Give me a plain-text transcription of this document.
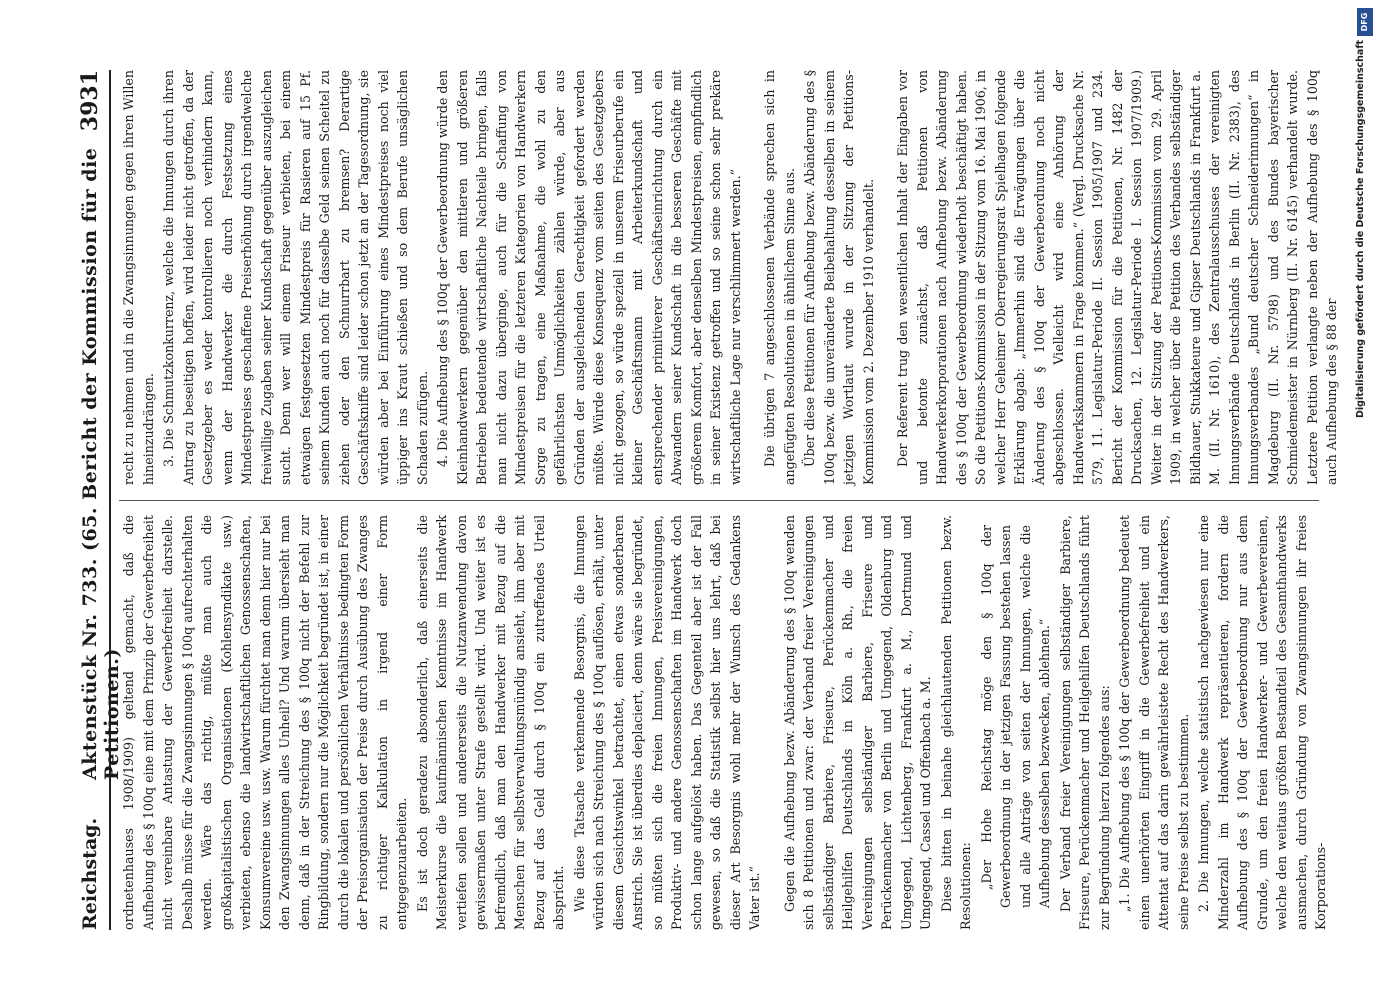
Reichstag.
Aktenstück Nr. 733. (65. Bericht der Kommission für die Petitionen.)
3931

ordnetenhauses 1908/1909) geltend gemacht, daß die Aufhebung des § 100q eine mit dem Prinzip der Gewerbefreiheit nicht vereinbare Antastung der Gewerbefreiheit darstelle. Deshalb müsse für die Zwangsinnungen § 100q aufrechterhalten werden. Wäre das richtig, müßte man auch die großkapitalistischen Organisationen (Kohlensyndikate usw.) verbieten, ebenso die landwirtschaftlichen Genossenschaften, Konsumvereine usw. usw. Warum fürchtet man denn hier nur bei den Zwangsinnungen alles Unheil? Und warum übersieht man denn, daß in der Streichung des § 100q nicht der Befehl zur Ringbildung, sondern nur die Möglichkeit begründet ist, in einer durch die lokalen und persönlichen Verhältnisse bedingten Form der Preisorganisation der Preise durch Ausübung des Zwanges zu richtiger Kalkulation in irgend einer Form entgegenzuarbeiten. Es ist doch geradezu absonderlich, daß einerseits die Meisterkurse die kaufmännischen Kenntnisse im Handwerk vertiefen sollen und andererseits die Nutzanwendung davon gewissermaßen unter Strafe gestellt wird. Und weiter ist es befremdlich, daß man den Handwerker mit Bezug auf die Menschen für selbstverwaltungsmündig ansieht, ihm aber mit Bezug auf das Geld durch § 100q ein zutreffendes Urteil abspricht. Wie diese Tatsache verkennende Besorgnis, die Innungen würden sich nach Streichung des § 100q auflösen, erhält, unter diesem Gesichtswinkel betrachtet, einen etwas sonderbaren Anstrich. Sie ist überdies deplaciert, denn wäre sie begründet, so müßten sich die freien Innungen, Preisvereinigungen, Produktiv- und andere Genossenschaften im Handwerk doch schon lange aufgelöst haben. Das Gegenteil aber ist der Fall gewesen, so daß die Statistik selbst hier uns lehrt, daß bei dieser Art Besorgnis wohl mehr der Wunsch des Gedankens Vater ist.“ Gegen die Aufhebung bezw. Abänderung des § 100q wenden sich 8 Petitionen und zwar: der Verband freier Vereinigungen selbständiger Barbiere, Friseure, Perückenmacher und Heilgehilfen Deutschlands in Köln a. Rh., die freien Vereinigungen selbständiger Barbiere, Friseure und Perückenmacher von Berlin und Umgegend, Oldenburg und Umgegend, Lichtenberg, Frankfurt a. M., Dortmund und Umgegend, Cassel und Offenbach a. M. Diese bitten in beinahe gleichlautenden Petitionen bezw. Resolutionen: „Der Hohe Reichstag möge den § 100q der Gewerbeordnung in der jetzigen Fassung bestehen lassen und alle Anträge von seiten der Innungen, welche die Aufhebung desselben bezwecken, ablehnen.“ Der Verband freier Vereinigungen selbständiger Barbiere, Friseure, Perückenmacher und Heilgehilfen Deutschlands führt zur Begründung hierzu folgendes aus: „1. Die Aufhebung des § 100q der Gewerbeordnung bedeutet einen unerhörten Eingriff in die Gewerbefreiheit und ein Attentat auf das darin gewährleistete Recht des Handwerkers, seine Preise selbst zu bestimmen. 2. Die Innungen, welche statistisch nachgewiesen nur eine Minderzahl im Handwerk repräsentieren, fordern die Aufhebung des § 100q der Gewerbeordnung nur aus dem Grunde, um den freien Handwerker- und Gewerbevereinen, welche den weitaus größten Bestandteil des Gesamthandwerks ausmachen, durch Gründung von Zwangsinnungen ihr freies Korporations-

recht zu nehmen und in die Zwangsinnungen gegen ihren Willen hineinzudrängen. 3. Die Schmutzkonkurrenz, welche die Innungen durch ihren Antrag zu beseitigen hoffen, wird leider nicht getroffen, da der Gesetzgeber es weder kontrollieren noch verhindern kann, wenn der Handwerker die durch Festsetzung eines Mindestpreises geschaffene Preiserhöhung durch irgendwelche freiwillige Zugaben seiner Kundschaft gegenüber auszugleichen sucht. Denn wer will einem Friseur verbieten, bei einem etwaigen festgesetzten Mindestpreis für Rasieren auf 15 Pf. seinem Kunden auch noch für dasselbe Geld seinen Scheitel zu ziehen oder den Schnurrbart zu bremsen? Derartige Geschäftskniffe sind leider schon jetzt an der Tagesordnung, sie würden aber bei Einführung eines Mindestpreises noch viel üppiger ins Kraut schießen und so dem Berufe unsäglichen Schaden zufügen. 4. Die Aufhebung des § 100q der Gewerbeordnung würde den Kleinhandwerkern gegenüber den mittleren und größeren Betrieben bedeutende wirtschaftliche Nachteile bringen, falls man nicht dazu überginge, auch für die Schaffung von Mindestpreisen für die letzteren Kategorien von Handwerkern Sorge zu tragen, eine Maßnahme, die wohl zu den gefährlichsten Unmöglichkeiten zählen würde, aber aus Gründen der ausgleichenden Gerechtigkeit gefordert werden müßte. Würde diese Konsequenz vom seiten des Gesetzgebers nicht gezogen, so würde speziell in unserem Friseurberufe ein kleiner Geschäftsmann mit Arbeiterkundschaft und entsprechender primitiverer Geschäftseinrichtung durch ein Abwandern seiner Kundschaft in die besseren Geschäfte mit größerem Komfort, aber denselben Mindestpreisen, empfindlich in seiner Existenz getroffen und so seine schon sehr prekäre wirtschaftliche Lage nur verschlimmert werden.“ Die übrigen 7 angeschlossenen Verbände sprechen sich in angefügten Resolutionen in ähnlichem Sinne aus. Über diese Petitionen für Aufhebung bezw. Abänderung des § 100q bezw. die unveränderte Beibehaltung desselben in seinem jetzigen Wortlaut wurde in der Sitzung der Petitions-Kommission vom 2. Dezember 1910 verhandelt. Der Referent trug den wesentlichen Inhalt der Eingaben vor und betonte zunächst, daß Petitionen von Handwerkerkorporationen nach Aufhebung bezw. Abänderung des § 100q der Gewerbeordnung wiederholt beschäftigt haben. So die Petitions-Kommission in der Sitzung vom 16. Mai 1906, in welcher Herr Geheimer Oberregierungsrat Spielhagen folgende Erklärung abgab: „Immerhin sind die Erwägungen über die Änderung des § 100q der Gewerbeordnung noch nicht abgeschlossen. Vielleicht wird eine Anhörung der Handwerkskammern in Frage kommen.“ (Vergl. Drucksache Nr. 579, 11. Legislatur-Periode II. Session 1905/1907 und 234. Bericht der Kommission für die Petitionen, Nr. 1482 der Drucksachen, 12. Legislatur-Periode I. Session 1907/1909.) Weiter in der Sitzung der Petitions-Kommission vom 29. April 1909, in welcher über die Petition des Verbandes selbständiger Bildhauer, Stukkateure und Gipser Deutschlands in Frankfurt a. M. (II. Nr. 1610), des Zentralausschusses der vereinigten Innungsverbände Deutschlands in Berlin (II. Nr. 2383), des Innungsverbandes „Bund deutscher Schneiderinnungen“ in Magdeburg (II. Nr. 5798) und des Bundes bayerischer Schmiedemeister in Nürnberg (II. Nr. 6145) verhandelt wurde. Letztere Petition verlangte neben der Aufhebung des § 100q auch Aufhebung des § 88 der

DFG
Digitalisierung gefördert durch die Deutsche Forschungsgemeinschaft
